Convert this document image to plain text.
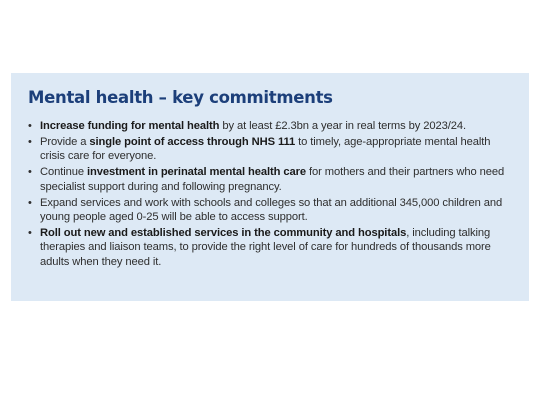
Mental health – key commitments
• Increase funding for mental health by at least £2.3bn a year in real terms by 2023/24.
• Provide a single point of access through NHS 111 to timely, age-appropriate mental health crisis care for everyone.
• Continue investment in perinatal mental health care for mothers and their partners who need specialist support during and following pregnancy.
• Expand services and work with schools and colleges so that an additional 345,000 children and young people aged 0-25 will be able to access support.
• Roll out new and established services in the community and hospitals, including talking therapies and liaison teams, to provide the right level of care for hundreds of thousands more adults when they need it.
